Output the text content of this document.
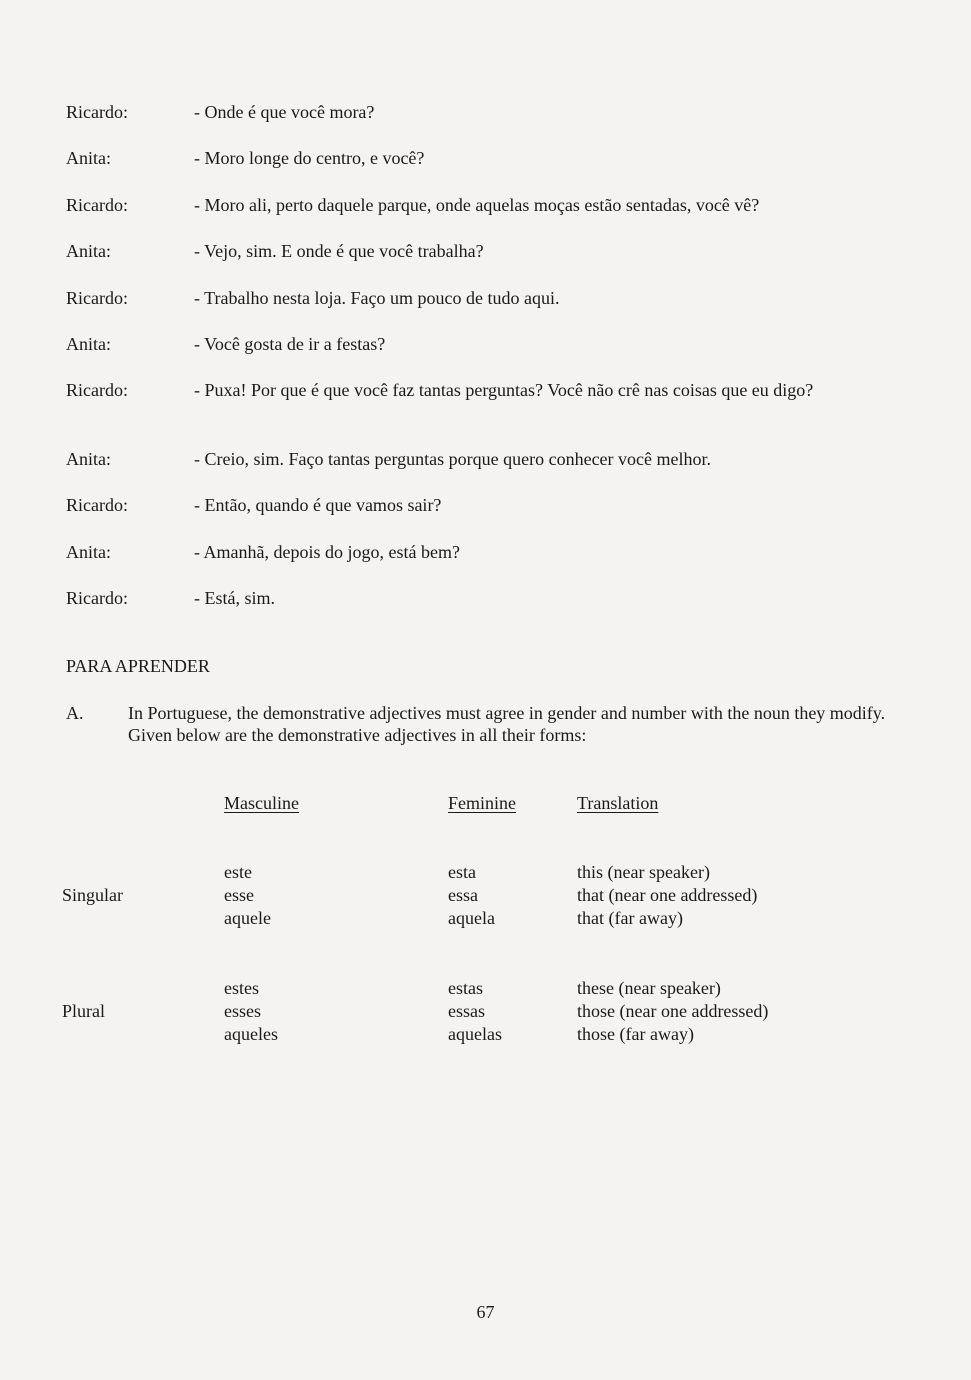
Ricardo:	- Onde é que você mora?
Anita:	- Moro longe do centro, e você?
Ricardo:	- Moro ali, perto daquele parque, onde aquelas moças estão sentadas, você vê?
Anita:	- Vejo, sim. E onde é que você trabalha?
Ricardo:	- Trabalho nesta loja. Faço um pouco de tudo aqui.
Anita:	- Você gosta de ir a festas?
Ricardo:	- Puxa! Por que é que você faz tantas perguntas? Você não crê nas coisas que eu digo?
Anita:	- Creio, sim. Faço tantas perguntas porque quero conhecer você melhor.
Ricardo:	- Então, quando é que vamos sair?
Anita:	- Amanhã, depois do jogo, está bem?
Ricardo:	- Está, sim.
PARA APRENDER
A.	In Portuguese, the demonstrative adjectives must agree in gender and number with the noun they modify. Given below are the demonstrative adjectives in all their forms:
Masculine	Feminine	Translation
Singular
este	esta	this (near speaker)
esse	essa	that (near one addressed)
aquele	aquela	that (far away)
Plural
estes	estas	these (near speaker)
esses	essas	those (near one addressed)
aqueles	aquelas	those (far away)
67
